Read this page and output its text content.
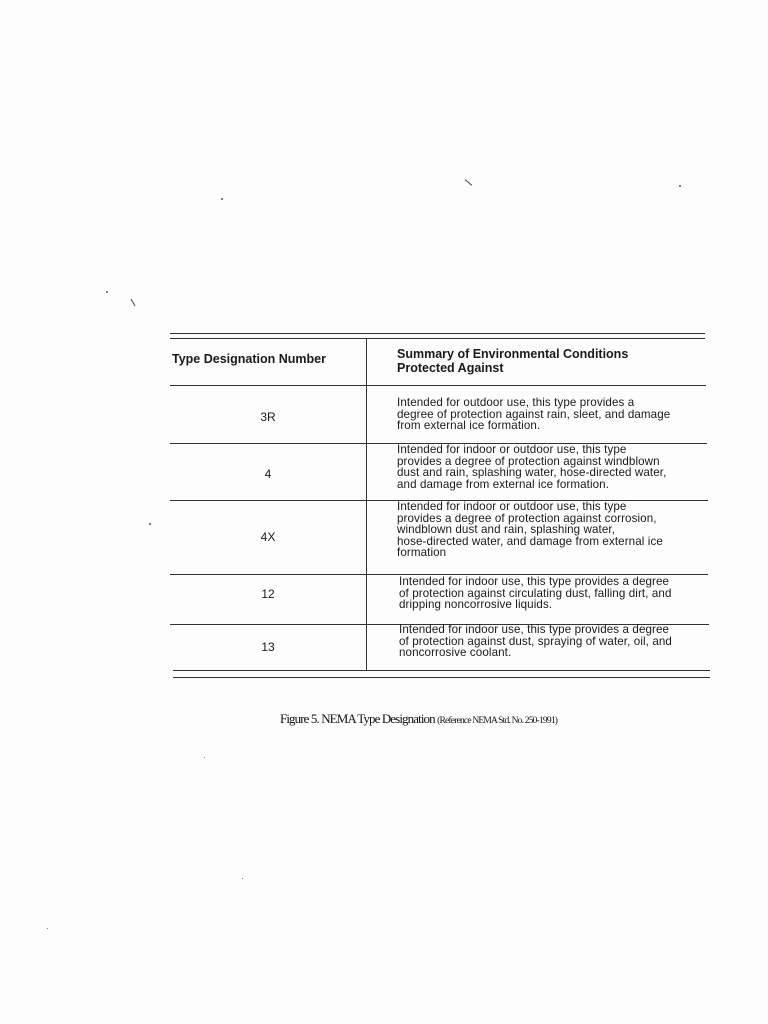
Type Designation Number	Summary of Environmental Conditions
Protected Against
3R
Intended for outdoor use, this type provides a
degree of protection against rain, sleet, and damage
from external ice formation.
4
Intended for indoor or outdoor use, this type
provides a degree of protection against windblown
dust and rain, splashing water, hose-directed water,
and damage from external ice formation.
4X
Intended for indoor or outdoor use, this type
provides a degree of protection against corrosion,
windblown dust and rain, splashing water,
hose-directed water, and damage from external ice
formation
12
Intended for indoor use, this type provides a degree
of protection against circulating dust, falling dirt, and
dripping noncorrosive liquids.
13
Intended for indoor use, this type provides a degree
of protection against dust, spraying of water, oil, and
noncorrosive coolant.
Figure 5. NEMA Type Designation (Reference NEMA Std. No. 250-1991)
